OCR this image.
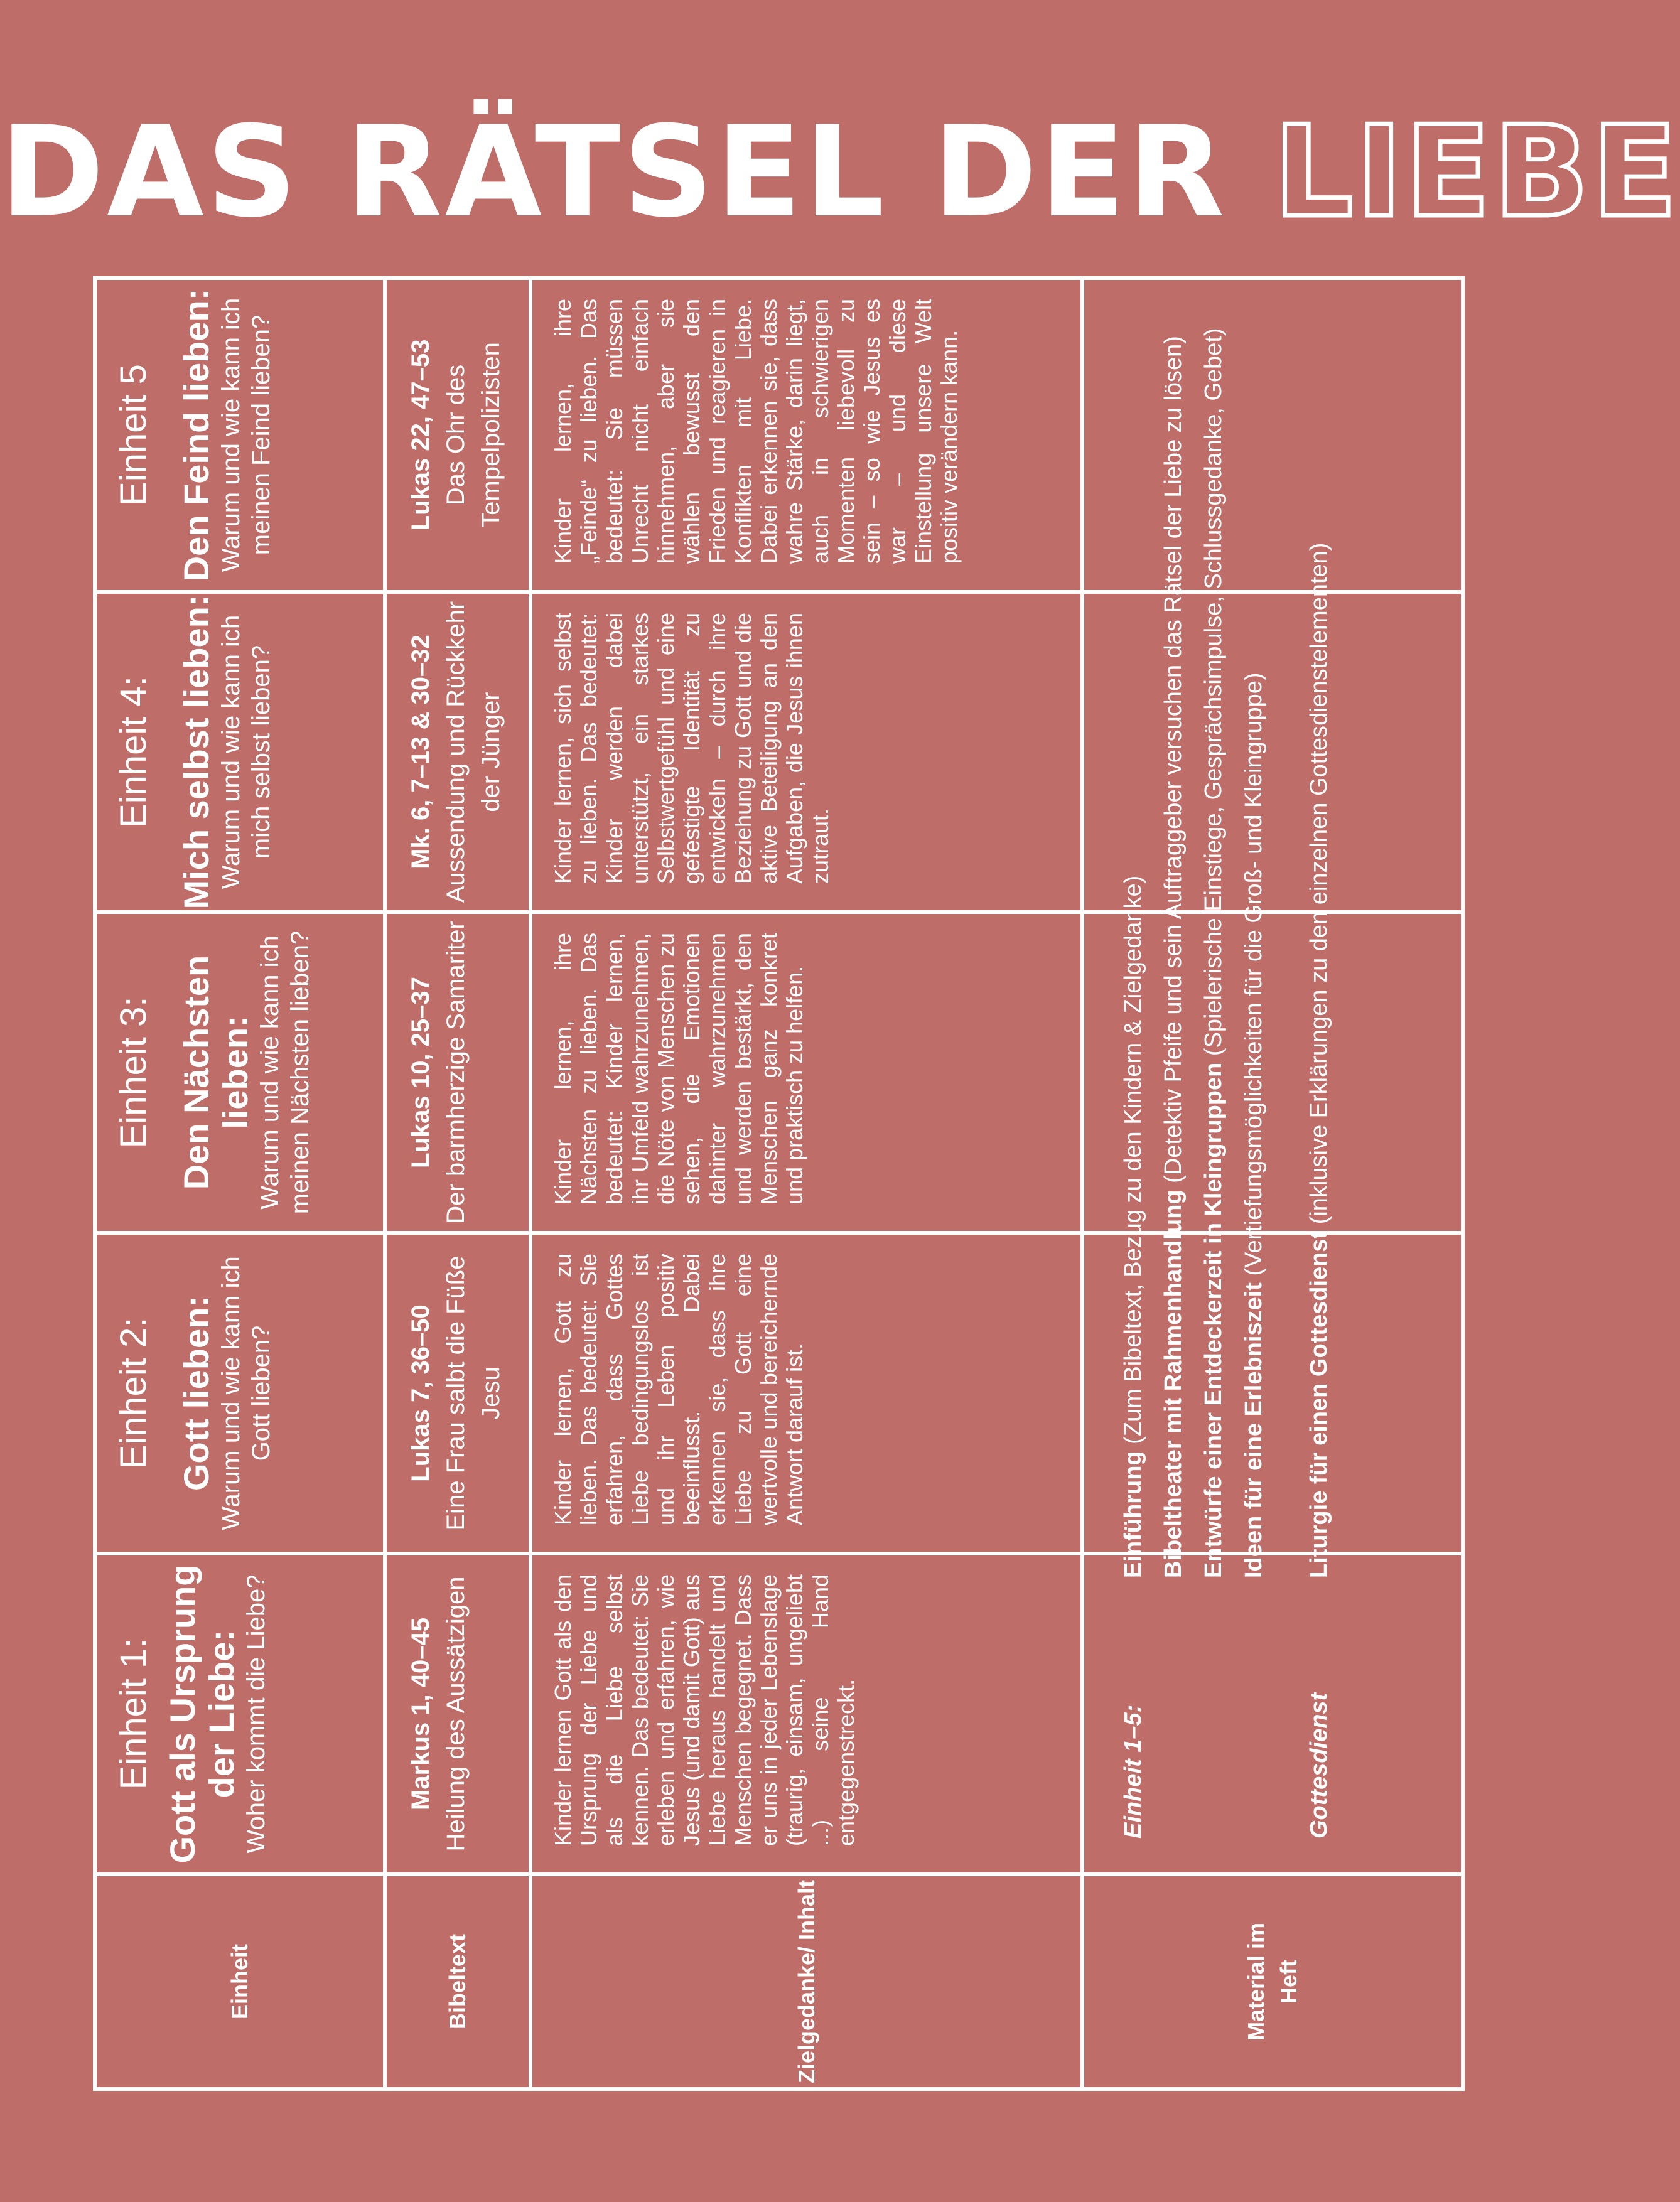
DAS RÄTSEL DER LIEBE
Einheit	Bibeltext	Zielgedanke/ Inhalt	Material im Heft
Einheit 1: Gott als Ursprung der Liebe: Woher kommt die Liebe?	Markus 1, 40–45 Heilung des Aussätzigen	Kinder lernen Gott als den Ursprung der Liebe und als die Liebe selbst kennen. Das bedeutet: Sie erleben und erfahren, wie Jesus (und damit Gott) aus Liebe heraus handelt und Menschen begegnet. Dass er uns in jeder Lebenslage (traurig, einsam, ungeliebt ...) seine Hand entgegenstreckt.
Einheit 2: Gott lieben: Warum und wie kann ich Gott lieben?	Lukas 7, 36–50 Eine Frau salbt die Füße Jesu	Kinder lernen, Gott zu lieben. Das bedeutet: Sie erfahren, dass Gottes Liebe bedingungslos ist und ihr Leben positiv beeinflusst. Dabei erkennen sie, dass ihre Liebe zu Gott eine wertvolle und bereichernde Antwort darauf ist.
Einheit 3: Den Nächsten lieben: Warum und wie kann ich meinen Nächsten lieben?	Lukas 10, 25–37 Der barmherzige Samariter	Kinder lernen, ihre Nächsten zu lieben. Das bedeutet: Kinder lernen, ihr Umfeld wahrzunehmen, die Nöte von Menschen zu sehen, die Emotionen dahinter wahrzunehmen und werden bestärkt, den Menschen ganz konkret und praktisch zu helfen.
Einheit 4: Mich selbst lieben: Warum und wie kann ich mich selbst lieben?	Mk. 6, 7–13 & 30–32 Aussendung und Rückkehr der Jünger	Kinder lernen, sich selbst zu lieben. Das bedeutet: Kinder werden dabei unterstützt, ein starkes Selbstwertgefühl und eine gefestigte Identität zu entwickeln – durch ihre Beziehung zu Gott und die aktive Beteiligung an den Aufgaben, die Jesus ihnen zutraut.
Einheit 5 Den Feind lieben: Warum und wie kann ich meinen Feind lieben?	Lukas 22, 47–53 Das Ohr des Tempelpolizisten	Kinder lernen, ihre „Feinde“ zu lieben. Das bedeutet: Sie müssen Unrecht nicht einfach hinnehmen, aber sie wählen bewusst den Frieden und reagieren in Konflikten mit Liebe. Dabei erkennen sie, dass wahre Stärke, darin liegt, auch in schwierigen Momenten liebevoll zu sein – so wie Jesus es war – und diese Einstellung unsere Welt positiv verändern kann.
Einheit 1–5:
Einführung (Zum Bibeltext, Bezug zu den Kindern & Zielgedanke) Bibeltheater mit Rahmenhandlung (Detektiv Pfeife und sein Auftraggeber versuchen das Rätsel der Liebe zu lösen)
Entwürfe einer Entdeckerzeit in Kleingruppen (Spielerische Einstiege, Gesprächsimpulse, Schlussgedanke, Gebet)
Ideen für eine Erlebniszeit (Vertiefungsmöglichkeiten für die Groß- und Kleingruppe)
Gottesdienst
Liturgie für einen Gottesdienst (inklusive Erklärungen zu den einzelnen Gottesdienstelementen)
